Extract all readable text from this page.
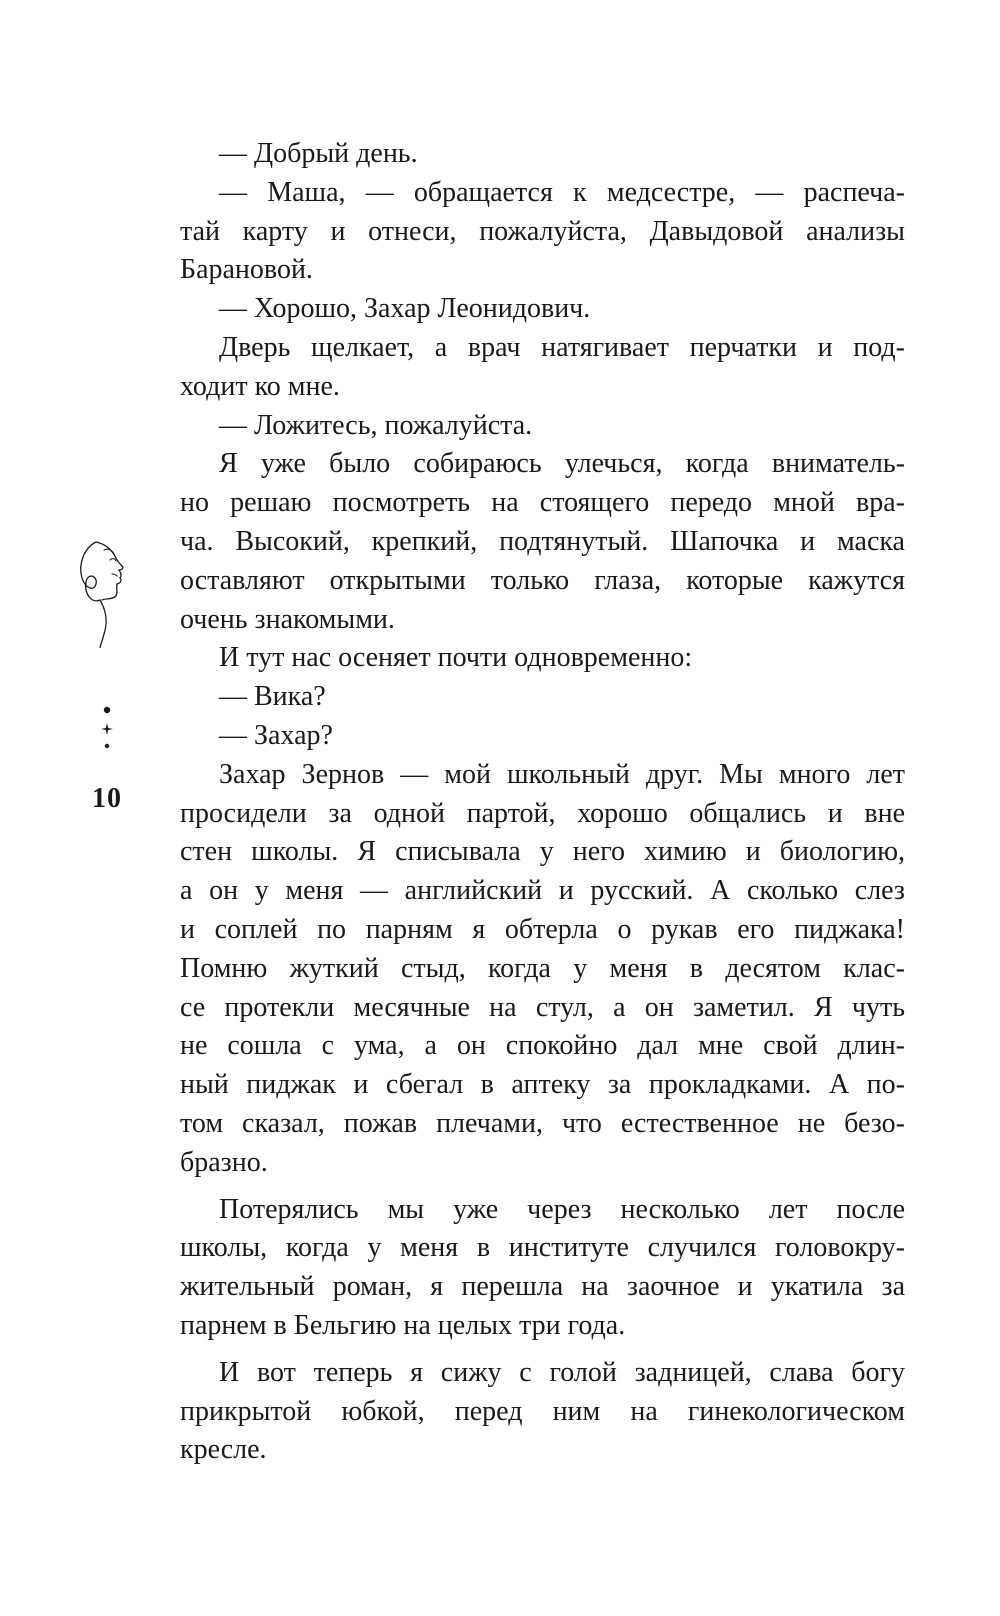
10
— Добрый день.
— Маша, — обращается к медсестре, — распеча-
тай карту и отнеси, пожалуйста, Давыдовой анализы
Барановой.
— Хорошо, Захар Леонидович.
Дверь щелкает, а врач натягивает перчатки и под-
ходит ко мне.
— Ложитесь, пожалуйста.
Я уже было собираюсь улечься, когда вниматель-
но решаю посмотреть на стоящего передо мной вра-
ча. Высокий, крепкий, подтянутый. Шапочка и маска
оставляют открытыми только глаза, которые кажутся
очень знакомыми.
И тут нас осеняет почти одновременно:
— Вика?
— Захар?
Захар Зернов — мой школьный друг. Мы много лет
просидели за одной партой, хорошо общались и вне
стен школы. Я списывала у него химию и биологию,
а он у меня — английский и русский. А сколько слез
и соплей по парням я обтерла о рукав его пиджака!
Помню жуткий стыд, когда у меня в десятом клас-
се протекли месячные на стул, а он заметил. Я чуть
не сошла с ума, а он спокойно дал мне свой длин-
ный пиджак и сбегал в аптеку за прокладками. А по-
том сказал, пожав плечами, что естественное не безо-
бразно.
Потерялись мы уже через несколько лет после
школы, когда у меня в институте случился головокру-
жительный роман, я перешла на заочное и укатила за
парнем в Бельгию на целых три года.
И вот теперь я сижу с голой задницей, слава богу
прикрытой юбкой, перед ним на гинекологическом
кресле.
